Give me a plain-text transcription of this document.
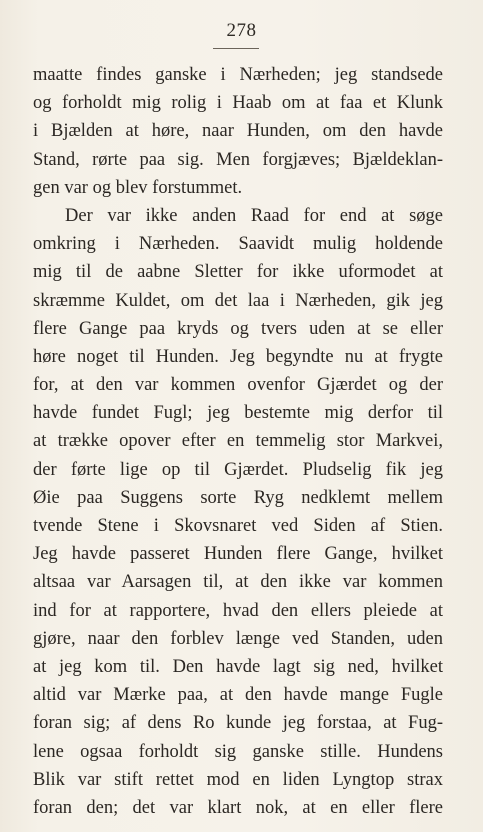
278
maatte findes ganske i Nærheden; jeg standsede
og forholdt mig rolig i Haab om at faa et Klunk
i Bjælden at høre, naar Hunden, om den havde
Stand, rørte paa sig. Men forgjæves; Bjældeklan-
gen var og blev forstummet.
Der var ikke anden Raad for end at søge
omkring i Nærheden. Saavidt mulig holdende
mig til de aabne Sletter for ikke uformodet at
skræmme Kuldet, om det laa i Nærheden, gik jeg
flere Gange paa kryds og tvers uden at se eller
høre noget til Hunden. Jeg begyndte nu at frygte
for, at den var kommen ovenfor Gjærdet og der
havde fundet Fugl; jeg bestemte mig derfor til
at trække opover efter en temmelig stor Markvei,
der førte lige op til Gjærdet. Pludselig fik jeg
Øie paa Suggens sorte Ryg nedklemt mellem
tvende Stene i Skovsnaret ved Siden af Stien.
Jeg havde passeret Hunden flere Gange, hvilket
altsaa var Aarsagen til, at den ikke var kommen
ind for at rapportere, hvad den ellers pleiede at
gjøre, naar den forblev længe ved Standen, uden
at jeg kom til. Den havde lagt sig ned, hvilket
altid var Mærke paa, at den havde mange Fugle
foran sig; af dens Ro kunde jeg forstaa, at Fug-
lene ogsaa forholdt sig ganske stille. Hundens
Blik var stift rettet mod en liden Lyngtop strax
foran den; det var klart nok, at en eller flere
